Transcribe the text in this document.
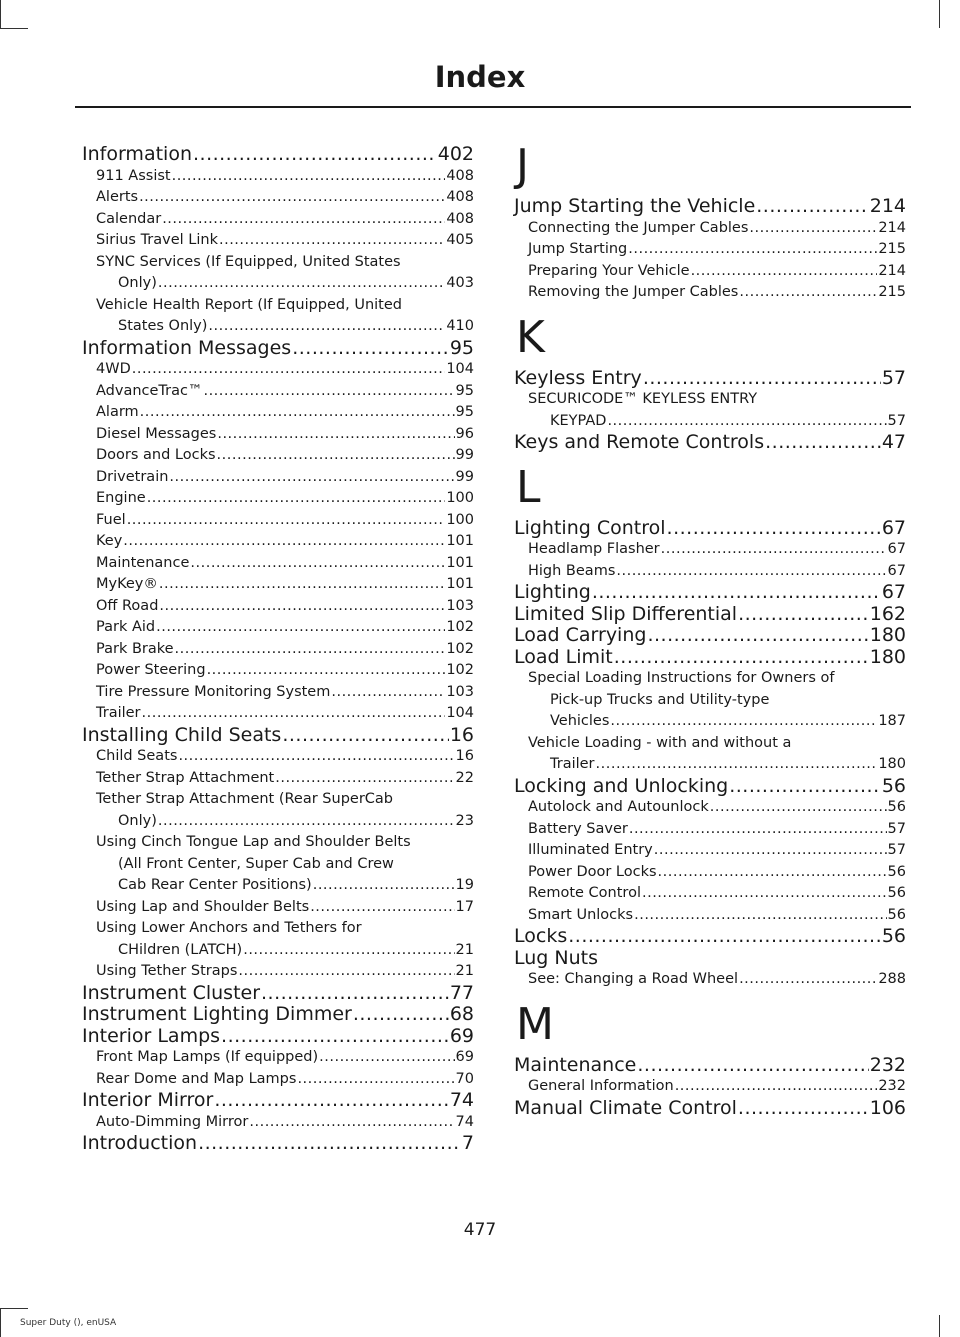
Index
Information .....	402
911 Assist .....	408
Alerts .....	408
Calendar .....	408
Sirius Travel Link .....	405
SYNC Services (If Equipped, United States
Only) .....	403
Vehicle Health Report (If Equipped, United
States Only) .....	410
Information Messages .....	95
4WD .....	104
AdvanceTrac™ .....	95
Alarm .....	95
Diesel Messages .....	96
Doors and Locks .....	99
Drivetrain .....	99
Engine .....	100
Fuel .....	100
Key .....	101
Maintenance .....	101
MyKey® .....	101
Off Road .....	103
Park Aid .....	102
Park Brake .....	102
Power Steering .....	102
Tire Pressure Monitoring System .....	103
Trailer .....	104
Installing Child Seats .....	16
Child Seats .....	16
Tether Strap Attachment .....	22
Tether Strap Attachment (Rear SuperCab
Only) .....	23
Using Cinch Tongue Lap and Shoulder Belts
(All Front Center, Super Cab and Crew
Cab Rear Center Positions) .....	19
Using Lap and Shoulder Belts .....	17
Using Lower Anchors and Tethers for
CHildren (LATCH) .....	21
Using Tether Straps .....	21
Instrument Cluster .....	77
Instrument Lighting Dimmer .....	68
Interior Lamps .....	69
Front Map Lamps (If equipped) .....	69
Rear Dome and Map Lamps .....	70
Interior Mirror .....	74
Auto-Dimming Mirror .....	74
Introduction .....	7
J
Jump Starting the Vehicle .....	214
Connecting the Jumper Cables .....	214
Jump Starting .....	215
Preparing Your Vehicle .....	214
Removing the Jumper Cables .....	215
K
Keyless Entry .....	57
SECURICODE™ KEYLESS ENTRY
KEYPAD .....	57
Keys and Remote Controls .....	47
L
Lighting Control .....	67
Headlamp Flasher .....	67
High Beams .....	67
Lighting .....	67
Limited Slip Differential .....	162
Load Carrying .....	180
Load Limit .....	180
Special Loading Instructions for Owners of
Pick-up Trucks and Utility-type
Vehicles .....	187
Vehicle Loading - with and without a
Trailer .....	180
Locking and Unlocking .....	56
Autolock and Autounlock .....	56
Battery Saver .....	57
Illuminated Entry .....	57
Power Door Locks .....	56
Remote Control .....	56
Smart Unlocks .....	56
Locks .....	56
Lug Nuts
See: Changing a Road Wheel .....	288
M
Maintenance .....	232
General Information .....	232
Manual Climate Control .....	106
477
Super Duty (), enUSA
